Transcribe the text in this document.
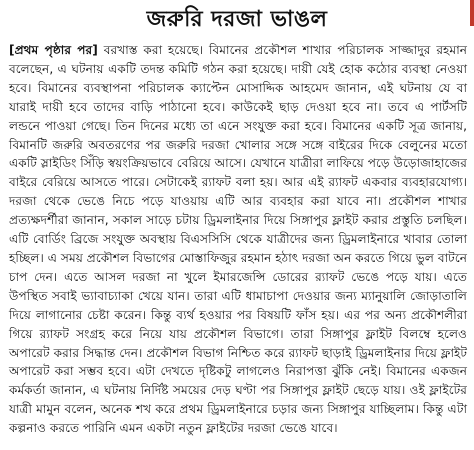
জরুরি দরজা ভাঙল
[প্রথম পৃষ্ঠার পর] বরখাস্ত করা হয়েছে। বিমানের প্রকৌশল শাখার পরিচালক সাজ্জাদুর রহমান বলেছেন, এ ঘটনায় একটি তদন্ত কমিটি গঠন করা হয়েছে। দায়ী যেই হোক কঠোর ব্যবস্থা নেওয়া হবে। বিমানের ব্যবস্থাপনা পরিচালক ক্যাপ্টেন মোসাদ্দিক আহমেদ জানান, এই ঘটনায় যে বা যারাই দায়ী হবে তাদের বাড়ি পাঠানো হবে। কাউকেই ছাড় দেওয়া হবে না। তবে এ পার্টসটি লন্ডনে পাওয়া গেছে। তিন দিনের মধ্যে তা এনে সংযুক্ত করা হবে। বিমানের একটি সূত্র জানায়, বিমানটি জরুরি অবতরণের পর জরুরি দরজা খোলার সঙ্গে সঙ্গে বাইরের দিকে বেলুনের মতো একটি স্লাইডিং সিঁড়ি স্বয়ংক্রিয়ভাবে বেরিয়ে আসে। যেখানে যাত্রীরা লাফিয়ে পড়ে উড়োজাহাজের বাইরে বেরিয়ে আসতে পারে। সেটাকেই র‍্যাফট বলা হয়। আর এই র‍্যাফট একবার ব্যবহারযোগ্য। দরজা থেকে ভেঙে নিচে পড়ে যাওয়ায় এটি আর ব্যবহার করা যাবে না। প্রকৌশল শাখার প্রত্যক্ষদর্শীরা জানান, সকাল সাড়ে চটায় ড্রিমলাইনার দিয়ে সিঙ্গাপুর ফ্লাইট করার প্রস্তুতি চলছিল। এটি বোর্ডিং ব্রিজে সংযুক্ত অবস্থায় বিএসসিসি থেকে যাত্রীদের জন্য ড্রিমলাইনারে খাবার তোলা হচ্ছিল। এ সময় প্রকৌশল বিভাগের মোস্তাফিজুর রহমান হঠাৎ দরজা অন করতে গিয়ে ভুল বাটনে চাপ দেন। এতে আসল দরজা না খুলে ইমারজেন্সি ডোরের র‍্যাফট ভেঙে পড়ে যায়। এতে উপস্থিত সবাই ভ্যাবাচ্যাকা খেয়ে যান। তারা এটি ধামাচাপা দেওয়ার জন্য ম্যানুয়ালি জোড়াতালি দিয়ে লাগানোর চেষ্টা করেন। কিন্তু ব্যর্থ হওয়ার পর বিষয়টি ফাঁস হয়। এর পর অন্য প্রকৌশলীরা গিয়ে র‍্যাফট সংগ্রহ করে নিয়ে যায় প্রকৌশল বিভাগে। তারা সিঙ্গাপুর ফ্লাইট বিলম্বে হলেও অপারেট করার সিদ্ধান্ত দেন। প্রকৌশল বিভাগ নিশ্চিত করে র‍্যাফট ছাড়াই ড্রিমলাইনার দিয়ে ফ্লাইট অপারেট করা সম্ভব হবে। এটা দেখতে দৃষ্টিকটু লাগলেও নিরাপত্তা ঝুঁকি নেই। বিমানের একজন কর্মকর্তা জানান, এ ঘটনায় নির্দিষ্ট সময়ের দেড় ঘণ্টা পর সিঙ্গাপুর ফ্লাইট ছেড়ে যায়। ওই ফ্লাইটের যাত্রী মামুন বলেন, অনেক শখ করে প্রথম ড্রিমলাইনারে চড়ার জন্য সিঙ্গাপুর যাচ্ছিলাম। কিন্তু এটা কল্পনাও করতে পারিনি এমন একটা নতুন ফ্লাইটের দরজা ভেঙে যাবে।
